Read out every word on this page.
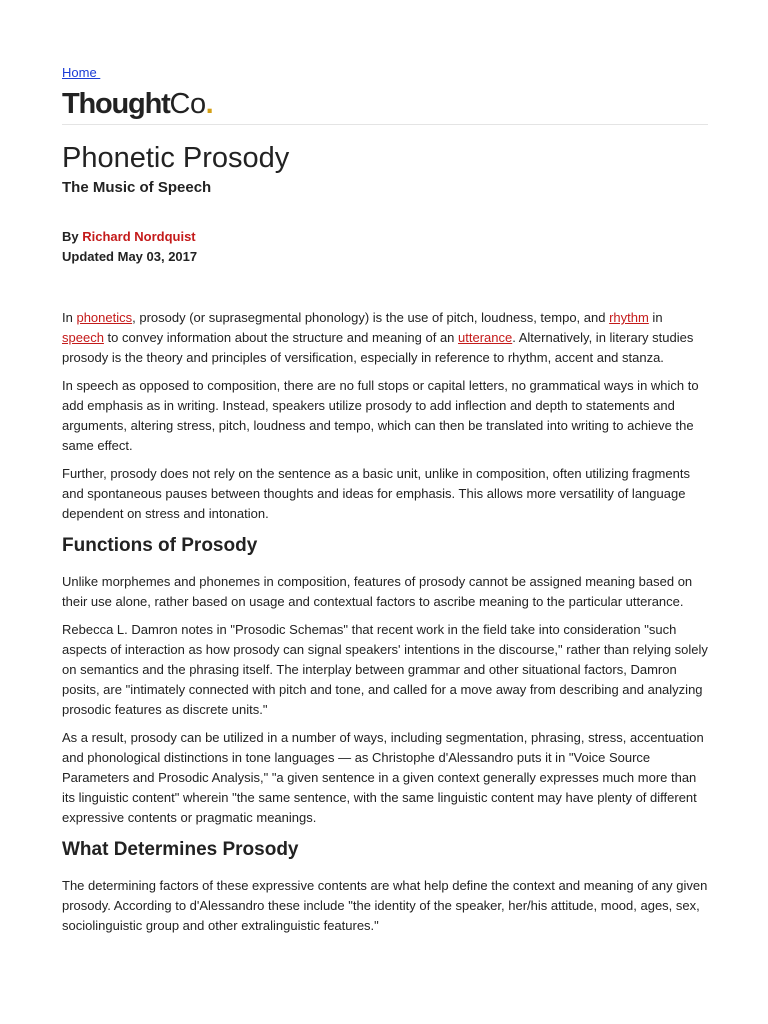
Home
ThoughtCo.
Phonetic Prosody
The Music of Speech
By Richard Nordquist
Updated May 03, 2017

In phonetics, prosody (or suprasegmental phonology) is the use of pitch, loudness, tempo, and rhythm in speech to convey information about the structure and meaning of an utterance. Alternatively, in literary studies prosody is the theory and principles of versification, especially in reference to rhythm, accent and stanza.

In speech as opposed to composition, there are no full stops or capital letters, no grammatical ways in which to add emphasis as in writing. Instead, speakers utilize prosody to add inflection and depth to statements and arguments, altering stress, pitch, loudness and tempo, which can then be translated into writing to achieve the same effect.

Further, prosody does not rely on the sentence as a basic unit, unlike in composition, often utilizing fragments and spontaneous pauses between thoughts and ideas for emphasis. This allows more versatility of language dependent on stress and intonation.

Functions of Prosody

Unlike morphemes and phonemes in composition, features of prosody cannot be assigned meaning based on their use alone, rather based on usage and contextual factors to ascribe meaning to the particular utterance.

Rebecca L. Damron notes in "Prosodic Schemas" that recent work in the field take into consideration "such aspects of interaction as how prosody can signal speakers' intentions in the discourse," rather than relying solely on semantics and the phrasing itself. The interplay between grammar and other situational factors, Damron posits, are "intimately connected with pitch and tone, and called for a move away from describing and analyzing prosodic features as discrete units."

As a result, prosody can be utilized in a number of ways, including segmentation, phrasing, stress, accentuation and phonological distinctions in tone languages — as Christophe d'Alessandro puts it in "Voice Source Parameters and Prosodic Analysis," "a given sentence in a given context generally expresses much more than its linguistic content" wherein "the same sentence, with the same linguistic content may have plenty of different expressive contents or pragmatic meanings.

What Determines Prosody

The determining factors of these expressive contents are what help define the context and meaning of any given prosody. According to d'Alessandro these include "the identity of the speaker, her/his attitude, mood, ages, sex, sociolinguistic group and other extralinguistic features."
